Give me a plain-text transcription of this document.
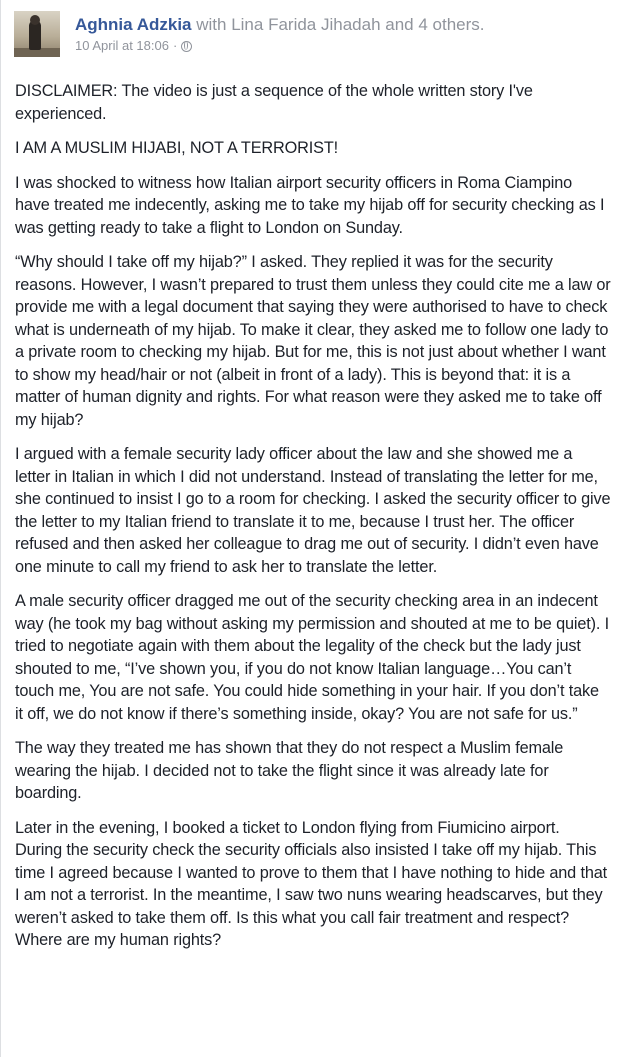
Aghnia Adzkia with Lina Farida Jihadah and 4 others.
10 April at 18:06 ·

DISCLAIMER: The video is just a sequence of the whole written story I've experienced.

I AM A MUSLIM HIJABI, NOT A TERRORIST!

I was shocked to witness how Italian airport security officers in Roma Ciampino have treated me indecently, asking me to take my hijab off for security checking as I was getting ready to take a flight to London on Sunday.

“Why should I take off my hijab?” I asked. They replied it was for the security reasons. However, I wasn’t prepared to trust them unless they could cite me a law or provide me with a legal document that saying they were authorised to have to check what is underneath of my hijab. To make it clear, they asked me to follow one lady to a private room to checking my hijab. But for me, this is not just about whether I want to show my head/hair or not (albeit in front of a lady). This is beyond that: it is a matter of human dignity and rights. For what reason were they asked me to take off my hijab?

I argued with a female security lady officer about the law and she showed me a letter in Italian in which I did not understand. Instead of translating the letter for me, she continued to insist I go to a room for checking. I asked the security officer to give the letter to my Italian friend to translate it to me, because I trust her. The officer refused and then asked her colleague to drag me out of security. I didn’t even have one minute to call my friend to ask her to translate the letter.

A male security officer dragged me out of the security checking area in an indecent way (he took my bag without asking my permission and shouted at me to be quiet). I tried to negotiate again with them about the legality of the check but the lady just shouted to me, “I’ve shown you, if you do not know Italian language…You can’t touch me, You are not safe. You could hide something in your hair. If you don’t take it off, we do not know if there’s something inside, okay? You are not safe for us.”

The way they treated me has shown that they do not respect a Muslim female wearing the hijab. I decided not to take the flight since it was already late for boarding.

Later in the evening, I booked a ticket to London flying from Fiumicino airport. During the security check the security officials also insisted I take off my hijab. This time I agreed because I wanted to prove to them that I have nothing to hide and that I am not a terrorist. In the meantime, I saw two nuns wearing headscarves, but they weren’t asked to take them off. Is this what you call fair treatment and respect? Where are my human rights?
